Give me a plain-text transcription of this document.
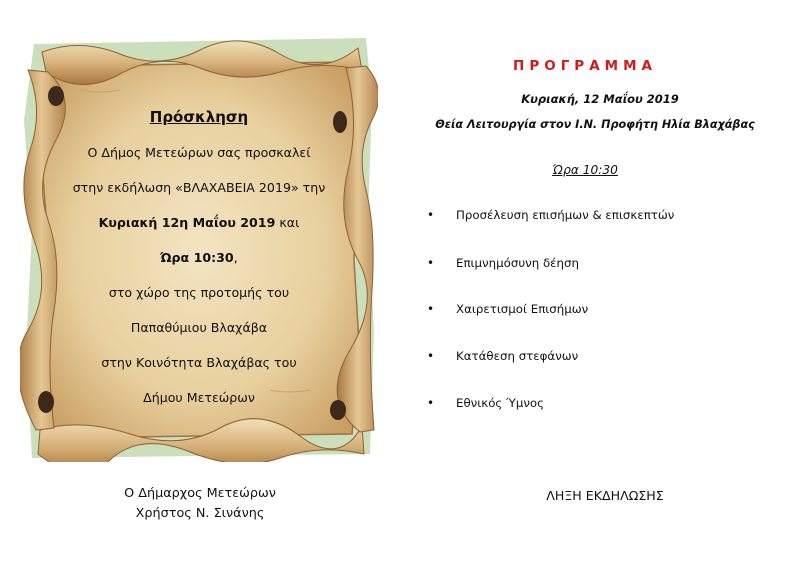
Πρόσκληση
Ο Δήμος Μετεώρων σας προσκαλεί
στην εκδήλωση «ΒΛΑΧΑΒΕΙΑ 2019» την
Κυριακή 12η Μαΐου 2019 και
Ώρα 10:30,
στο χώρο της προτομής του
Παπαθύμιου Βλαχάβα
στην Κοινότητα Βλαχάβας του
Δήμου Μετεώρων
Ο Δήμαρχος Μετεώρων
Χρήστος Ν. Σινάνης
ΠΡΟΓΡΑΜΜΑ
Κυριακή, 12 Μαΐου 2019
Θεία Λειτουργία στον Ι.Ν. Προφήτη Ηλία Βλαχάβας
Ώρα 10:30
• Προσέλευση επισήμων & επισκεπτών
• Επιμνημόσυνη δέηση
• Χαιρετισμοί Επισήμων
• Κατάθεση στεφάνων
• Εθνικός Ύμνος
ΛΗΞΗ ΕΚΔΗΛΩΣΗΣ
